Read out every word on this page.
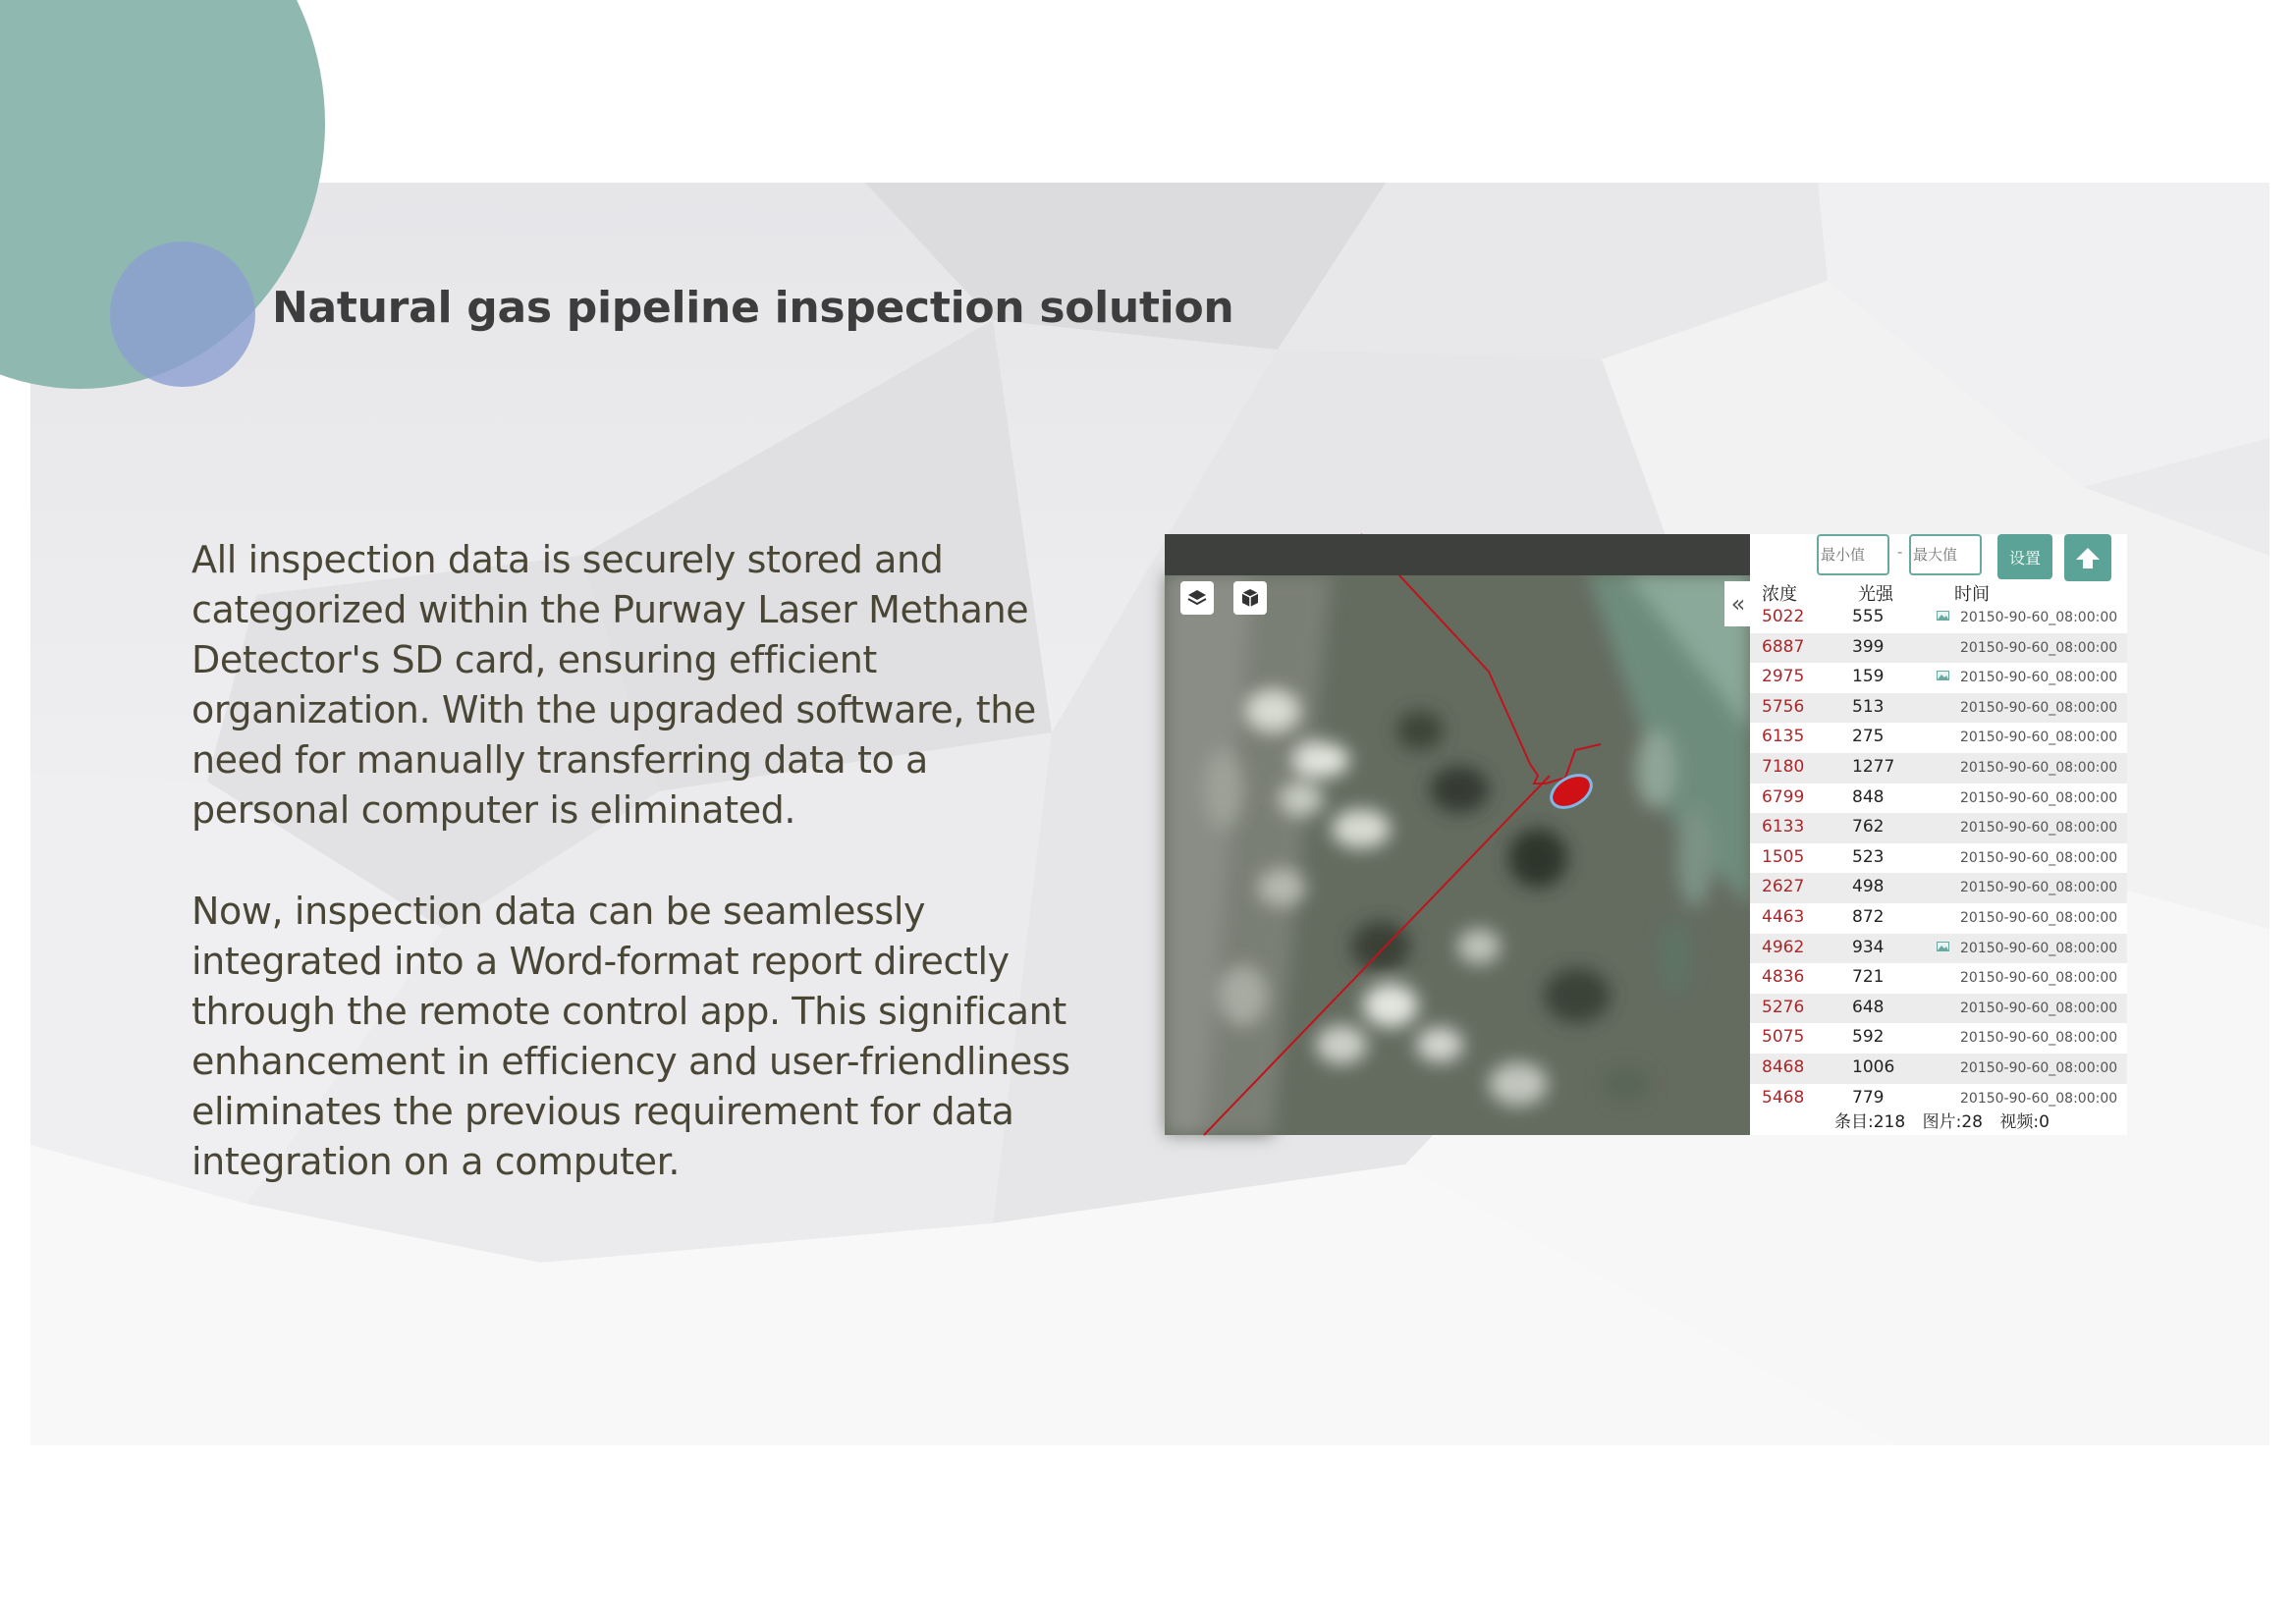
Natural gas pipeline inspection solution

All inspection data is securely stored and categorized within the Purway Laser Methane Detector's SD card, ensuring efficient organization. With the upgraded software, the need for manually transferring data to a personal computer is eliminated.

Now, inspection data can be seamlessly integrated into a Word-format report directly through the remote control app. This significant enhancement in efficiency and user-friendliness eliminates the previous requirement for data integration on a computer.

«
最小值
-
最大值	设置
浓度	光强	时间
5022	555	20150-90-60_08:00:00
6887	399	20150-90-60_08:00:00
2975	159	20150-90-60_08:00:00
5756	513	20150-90-60_08:00:00
6135	275	20150-90-60_08:00:00
7180	1277	20150-90-60_08:00:00
6799	848	20150-90-60_08:00:00
6133	762	20150-90-60_08:00:00
1505	523	20150-90-60_08:00:00
2627	498	20150-90-60_08:00:00
4463	872	20150-90-60_08:00:00
4962	934	20150-90-60_08:00:00
4836	721	20150-90-60_08:00:00
5276	648	20150-90-60_08:00:00
5075	592	20150-90-60_08:00:00
8468	1006	20150-90-60_08:00:00
5468	779	20150-90-60_08:00:00
条目:218 图片:28 视频:0
